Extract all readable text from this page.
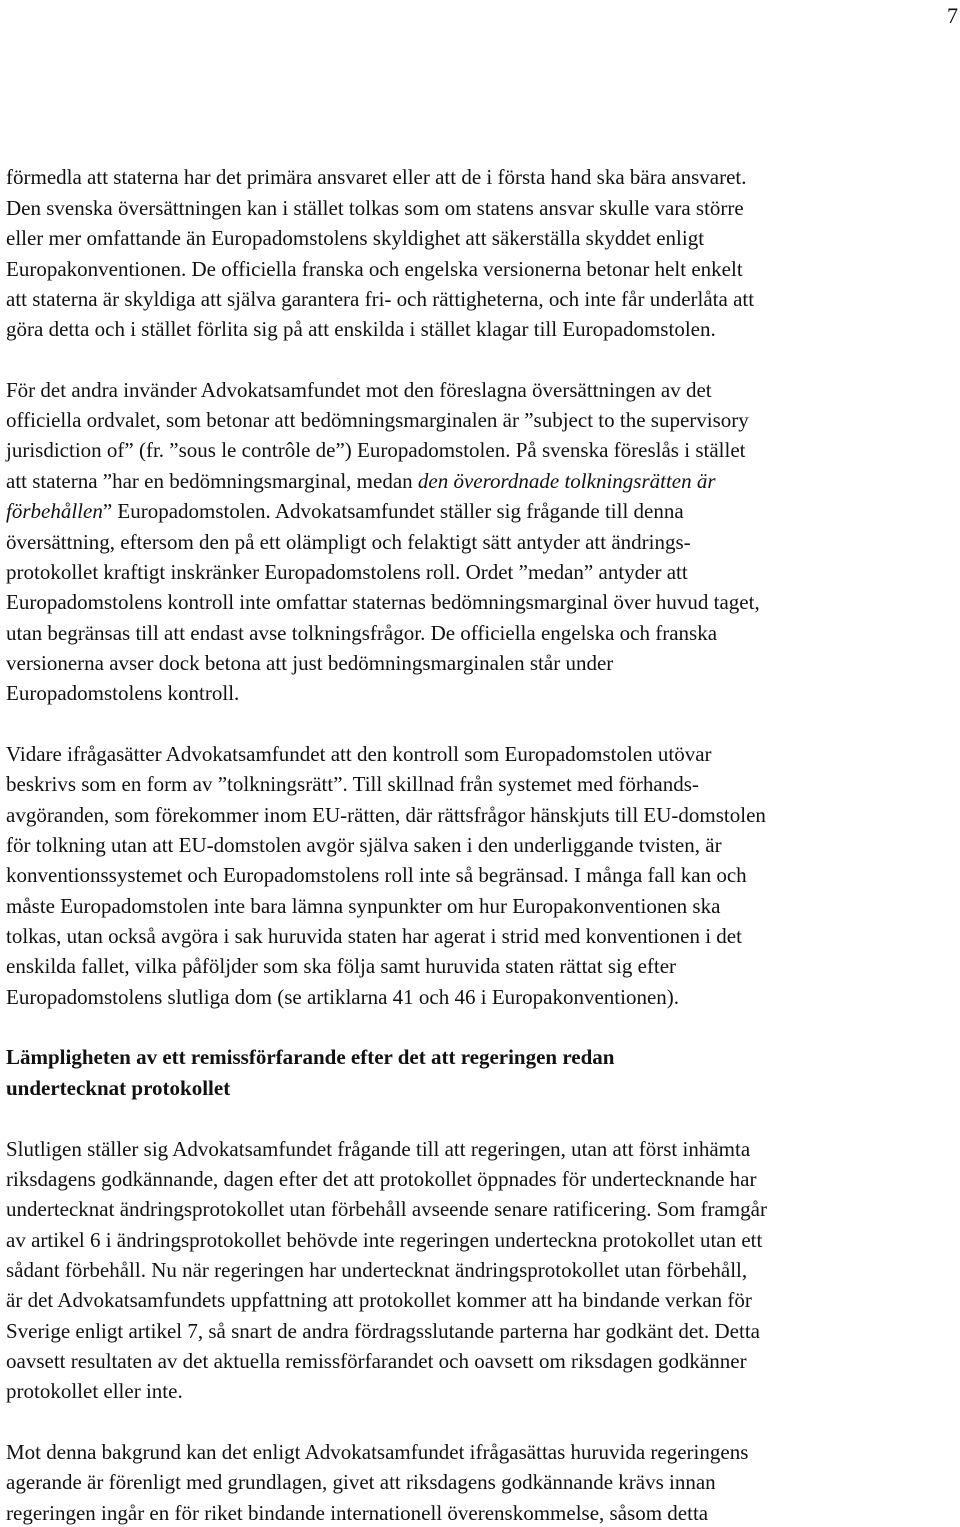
7
förmedla att staterna har det primära ansvaret eller att de i första hand ska bära ansvaret.
Den svenska översättningen kan i stället tolkas som om statens ansvar skulle vara större
eller mer omfattande än Europadomstolens skyldighet att säkerställa skyddet enligt
Europakonventionen. De officiella franska och engelska versionerna betonar helt enkelt
att staterna är skyldiga att själva garantera fri- och rättigheterna, och inte får underlåta att
göra detta och i stället förlita sig på att enskilda i stället klagar till Europadomstolen.
För det andra invänder Advokatsamfundet mot den föreslagna översättningen av det
officiella ordvalet, som betonar att bedömningsmarginalen är ”subject to the supervisory
jurisdiction of” (fr. ”sous le contrôle de”) Europadomstolen. På svenska föreslås i stället
att staterna ”har en bedömningsmarginal, medan den överordnade tolkningsrätten är
förbehållen” Europadomstolen. Advokatsamfundet ställer sig frågande till denna
översättning, eftersom den på ett olämpligt och felaktigt sätt antyder att ändrings-
protokollet kraftigt inskränker Europadomstolens roll. Ordet ”medan” antyder att
Europadomstolens kontroll inte omfattar staternas bedömningsmarginal över huvud taget,
utan begränsas till att endast avse tolkningsfrågor. De officiella engelska och franska
versionerna avser dock betona att just bedömningsmarginalen står under
Europadomstolens kontroll.
Vidare ifrågasätter Advokatsamfundet att den kontroll som Europadomstolen utövar
beskrivs som en form av ”tolkningsrätt”. Till skillnad från systemet med förhands-
avgöranden, som förekommer inom EU-rätten, där rättsfrågor hänskjuts till EU-domstolen
för tolkning utan att EU-domstolen avgör själva saken i den underliggande tvisten, är
konventionssystemet och Europadomstolens roll inte så begränsad. I många fall kan och
måste Europadomstolen inte bara lämna synpunkter om hur Europakonventionen ska
tolkas, utan också avgöra i sak huruvida staten har agerat i strid med konventionen i det
enskilda fallet, vilka påföljder som ska följa samt huruvida staten rättat sig efter
Europadomstolens slutliga dom (se artiklarna 41 och 46 i Europakonventionen).
Lämpligheten av ett remissförfarande efter det att regeringen redan
undertecknat protokollet
Slutligen ställer sig Advokatsamfundet frågande till att regeringen, utan att först inhämta
riksdagens godkännande, dagen efter det att protokollet öppnades för undertecknande har
undertecknat ändringsprotokollet utan förbehåll avseende senare ratificering. Som framgår
av artikel 6 i ändringsprotokollet behövde inte regeringen underteckna protokollet utan ett
sådant förbehåll. Nu när regeringen har undertecknat ändringsprotokollet utan förbehåll,
är det Advokatsamfundets uppfattning att protokollet kommer att ha bindande verkan för
Sverige enligt artikel 7, så snart de andra fördragsslutande parterna har godkänt det. Detta
oavsett resultaten av det aktuella remissförfarandet och oavsett om riksdagen godkänner
protokollet eller inte.
Mot denna bakgrund kan det enligt Advokatsamfundet ifrågasättas huruvida regeringens
agerande är förenligt med grundlagen, givet att riksdagens godkännande krävs innan
regeringen ingår en för riket bindande internationell överenskommelse, såsom detta
